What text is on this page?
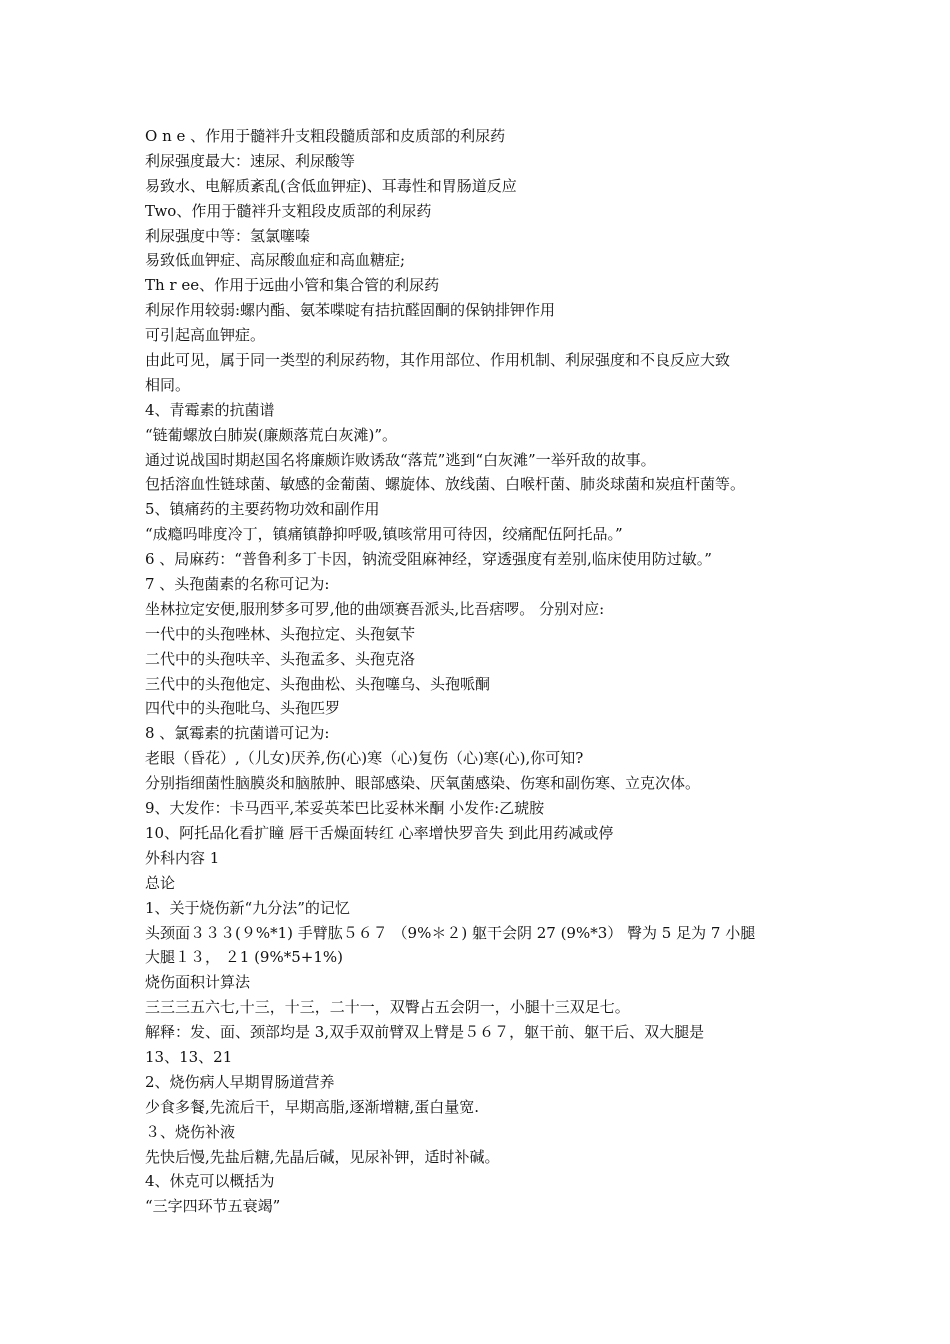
O n e 、作用于髓袢升支粗段髓质部和皮质部的利尿药
利尿强度最大：速尿、利尿酸等
易致水、电解质紊乱(含低血钾症)、耳毒性和胃肠道反应
Two、作用于髓袢升支粗段皮质部的利尿药
利尿强度中等：氢氯噻嗪
易致低血钾症、高尿酸血症和高血糖症;
Th r ee、作用于远曲小管和集合管的利尿药
利尿作用较弱:螺内酯、氨苯喋啶有拮抗醛固酮的保钠排钾作用
可引起高血钾症。
由此可见，属于同一类型的利尿药物，其作用部位、作用机制、利尿强度和不良反应大致
相同。
4、青霉素的抗菌谱
“链葡螺放白肺炭(廉颇落荒白灰滩)”。
通过说战国时期赵国名将廉颇诈败诱敌“落荒”逃到“白灰滩”一举歼敌的故事。
包括溶血性链球菌、敏感的金葡菌、螺旋体、放线菌、白喉杆菌、肺炎球菌和炭疽杆菌等。
5、镇痛药的主要药物功效和副作用
“成瘾吗啡度冷丁，镇痛镇静抑呼吸,镇咳常用可待因，绞痛配伍阿托品。”
6 、局麻药：“普鲁利多丁卡因，钠流受阻麻神经，穿透强度有差别,临床使用防过敏。”
7 、头孢菌素的名称可记为:
坐林拉定安便,服刑梦多可罗,他的曲颂赛吾派头,比吾痞啰。 分别对应:
一代中的头孢唑林、头孢拉定、头孢氨苄
二代中的头孢呋辛、头孢孟多、头孢克洛
三代中的头孢他定、头孢曲松、头孢噻乌、头孢哌酮
四代中的头孢吡乌、头孢匹罗
8 、氯霉素的抗菌谱可记为:
老眼（昏花）,（儿女)厌养,伤(心)寒（心)复伤（心)寒(心),你可知?
分别指细菌性脑膜炎和脑脓肿、眼部感染、厌氧菌感染、伤寒和副伤寒、立克次体。
9、大发作：卡马西平,苯妥英苯巴比妥林米酮 小发作:乙琥胺
10、阿托品化看扩瞳 唇干舌燥面转红 心率增快罗音失 到此用药减或停
外科内容 1
总论
1、关于烧伤新“九分法”的记忆
头颈面３３３(９%*1) 手臂肱５６７ （9%＊２) 躯干会阴 27 (9%*3） 臀为 5 足为 7 小腿
大腿１３， ２1 (9%*5+1%)
烧伤面积计算法
三三三五六七,十三，十三，二十一，双臀占五会阴一，小腿十三双足七。
解释：发、面、颈部均是 3,双手双前臂双上臂是５６７，躯干前、躯干后、双大腿是
13、13、21
2、烧伤病人早期胃肠道营养
少食多餐,先流后干，早期高脂,逐渐增糖,蛋白量宽.
３、烧伤补液
先快后慢,先盐后糖,先晶后碱，见尿补钾，适时补碱。
4、休克可以概括为
“三字四环节五衰竭”
